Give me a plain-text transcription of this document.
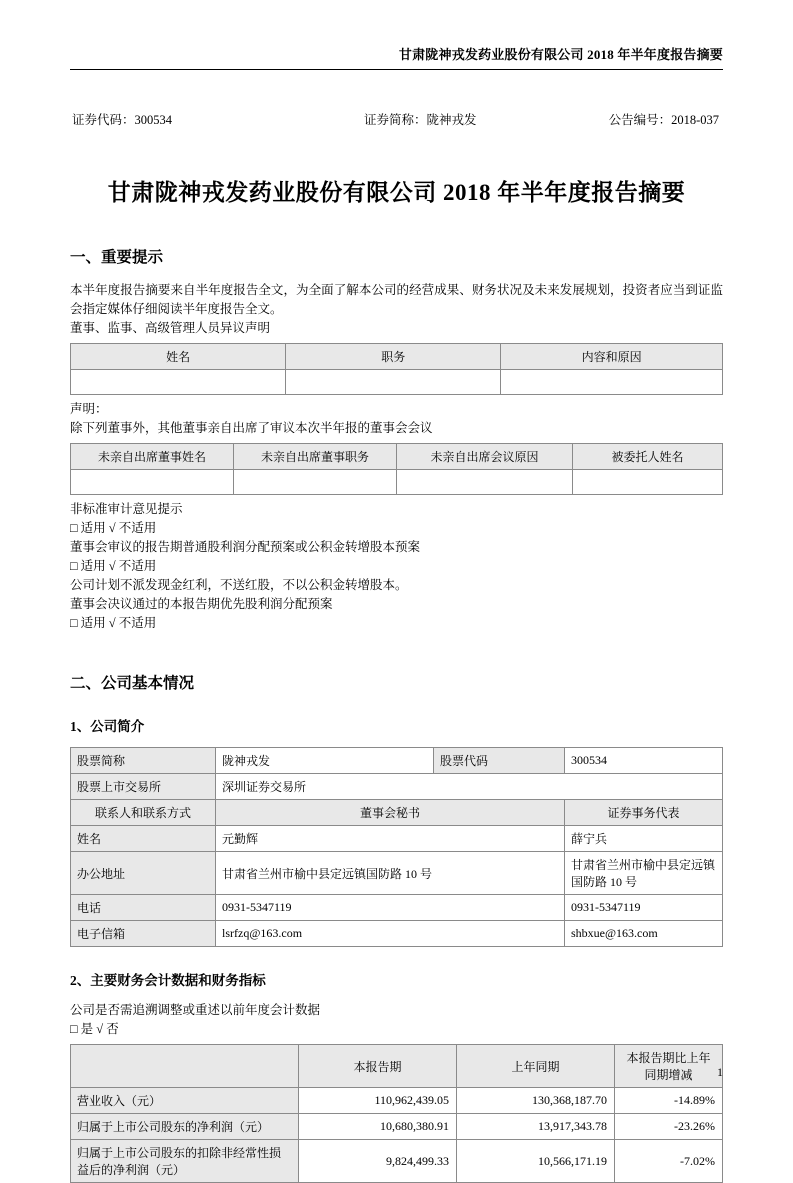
甘肃陇神戎发药业股份有限公司 2018 年半年度报告摘要
证券代码：300534	证券简称：陇神戎发	公告编号：2018-037
甘肃陇神戎发药业股份有限公司 2018 年半年度报告摘要
一、重要提示

本半年度报告摘要来自半年度报告全文，为全面了解本公司的经营成果、财务状况及未来发展规划，投资者应当到证监会指定媒体仔细阅读半年度报告全文。

董事、监事、高级管理人员异议声明

姓名	职务	内容和原因

声明：

除下列董事外，其他董事亲自出席了审议本次半年报的董事会会议

未亲自出席董事姓名	未亲自出席董事职务	未亲自出席会议原因	被委托人姓名

非标准审计意见提示

□ 适用 √ 不适用

董事会审议的报告期普通股利润分配预案或公积金转增股本预案

□ 适用 √ 不适用

公司计划不派发现金红利，不送红股，不以公积金转增股本。

董事会决议通过的本报告期优先股利润分配预案

□ 适用 √ 不适用

二、公司基本情况
1、公司简介
股票简称	陇神戎发	股票代码	300534
股票上市交易所	深圳证券交易所		
联系人和联系方式	董事会秘书		证券事务代表
姓名	元勤辉		薛宁兵
办公地址	甘肃省兰州市榆中县定远镇国防路 10 号		甘肃省兰州市榆中县定远镇国防路 10 号
电话	0931-5347119		0931-5347119
电子信箱	lsrfzq@163.com		shbxue@163.com
2、主要财务会计数据和财务指标

公司是否需追溯调整或重述以前年度会计数据

□ 是 √ 否

	本报告期	上年同期	本报告期比上年同期增减
营业收入（元）	110,962,439.05	130,368,187.70	-14.89%
归属于上市公司股东的净利润（元）	10,680,380.91	13,917,343.78	-23.26%
归属于上市公司股东的扣除非经常性损益后的净利润（元）	9,824,499.33	10,566,171.19	-7.02%
1
